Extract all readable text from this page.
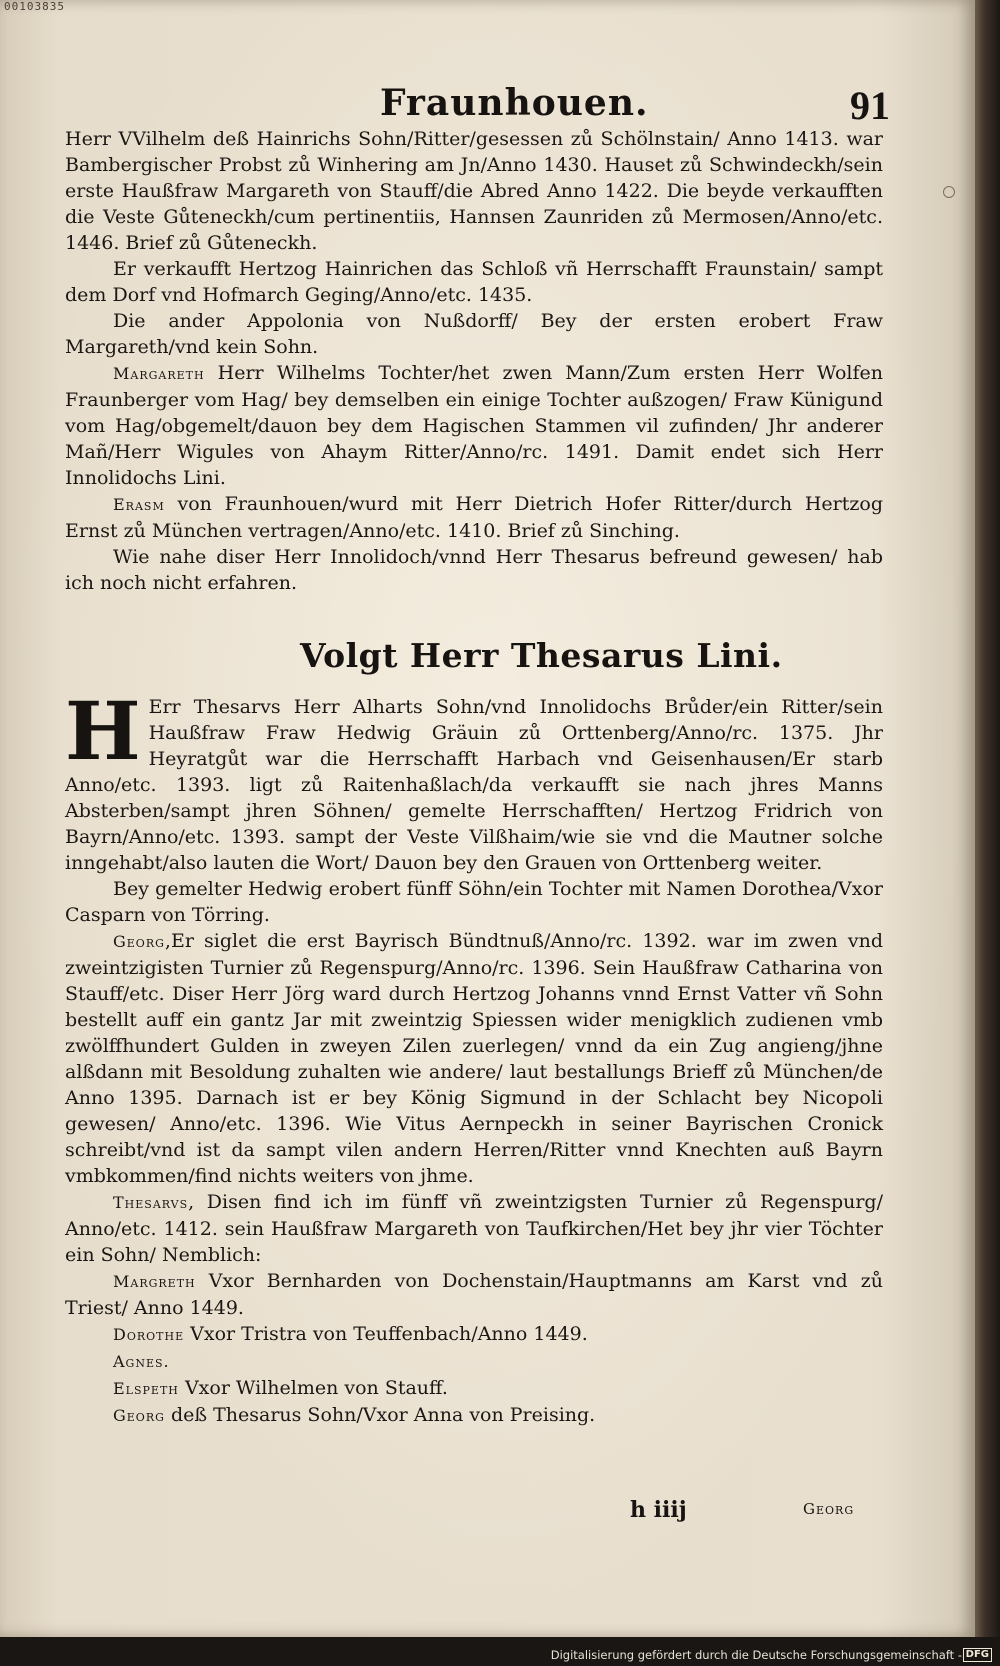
00103835
Fraunhouen.	91

Herr VVilhelm deß Hainrichs Sohn/Ritter/gesessen zů Schölnstain/ Anno 1413. war Bambergischer Probst zů Winhering am Jn/Anno 1430. Hauset zů Schwindeckh/sein erste Haußfraw Margareth von Stauff/die Abred Anno 1422. Die beyde verkaufften die Veste Gůteneckh/cum pertinentiis, Hannsen Zaunriden zů Mermosen/Anno/etc. 1446. Brief zů Gůteneckh.

Er verkaufft Hertzog Hainrichen das Schloß vñ Herrschafft Fraunstain/ sampt dem Dorf vnd Hofmarch Geging/Anno/etc. 1435.

Die ander Appolonia von Nußdorff/ Bey der ersten erobert Fraw Margareth/vnd kein Sohn.

Margareth Herr Wilhelms Tochter/het zwen Mann/Zum ersten Herr Wolfen Fraunberger vom Hag/ bey demselben ein einige Tochter außzogen/ Fraw Künigund vom Hag/obgemelt/dauon bey dem Hagischen Stammen vil zufinden/ Jhr anderer Mañ/Herr Wigules von Ahaym Ritter/Anno/rc. 1491. Damit endet sich Herr Innolidochs Lini.

Erasm von Fraunhouen/wurd mit Herr Dietrich Hofer Ritter/durch Hertzog Ernst zů München vertragen/Anno/etc. 1410. Brief zů Sinching.

Wie nahe diser Herr Innolidoch/vnnd Herr Thesarus befreund gewesen/ hab ich noch nicht erfahren.

Volgt Herr Thesarus Lini.

H Err Thesarvs Herr Alharts Sohn/vnd Innolidochs Brůder/ein Ritter/sein Haußfraw Fraw Hedwig Gräuin zů Orttenberg/Anno/rc. 1375. Jhr Heyratgůt war die Herrschafft Harbach vnd Geisenhausen/Er starb Anno/etc. 1393. ligt zů Raitenhaßlach/da verkaufft sie nach jhres Manns Absterben/sampt jhren Söhnen/ gemelte Herrschafften/ Hertzog Fridrich von Bayrn/Anno/etc. 1393. sampt der Veste Vilßhaim/wie sie vnd die Mautner solche inngehabt/also lauten die Wort/ Dauon bey den Grauen von Orttenberg weiter.

Bey gemelter Hedwig erobert fünff Söhn/ein Tochter mit Namen Dorothea/Vxor Casparn von Törring.

Georg,Er siglet die erst Bayrisch Bündtnuß/Anno/rc. 1392. war im zwen vnd zweintzigisten Turnier zů Regenspurg/Anno/rc. 1396. Sein Haußfraw Catharina von Stauff/etc. Diser Herr Jörg ward durch Hertzog Johanns vnnd Ernst Vatter vñ Sohn bestellt auff ein gantz Jar mit zweintzig Spiessen wider menigklich zudienen vmb zwölffhundert Gulden in zweyen Zilen zuerlegen/ vnnd da ein Zug angieng/jhne alßdann mit Besoldung zuhalten wie andere/ laut bestallungs Brieff zů München/de Anno 1395. Darnach ist er bey König Sigmund in der Schlacht bey Nicopoli gewesen/ Anno/etc. 1396. Wie Vitus Aernpeckh in seiner Bayrischen Cronick schreibt/vnd ist da sampt vilen andern Herren/Ritter vnnd Knechten auß Bayrn vmbkommen/find nichts weiters von jhme.

Thesarvs, Disen find ich im fünff vñ zweintzigsten Turnier zů Regenspurg/ Anno/etc. 1412. sein Haußfraw Margareth von Taufkirchen/Het bey jhr vier Töchter ein Sohn/ Nemblich:

Margreth Vxor Bernharden von Dochenstain/Hauptmanns am Karst vnd zů Triest/ Anno 1449.

Dorothe Vxor Tristra von Teuffenbach/Anno 1449.

Agnes.

Elspeth Vxor Wilhelmen von Stauff.

Georg deß Thesarus Sohn/Vxor Anna von Preising.

h iiij	Georg
Digitalisierung gefördert durch die Deutsche Forschungsgemeinschaft - DFG
